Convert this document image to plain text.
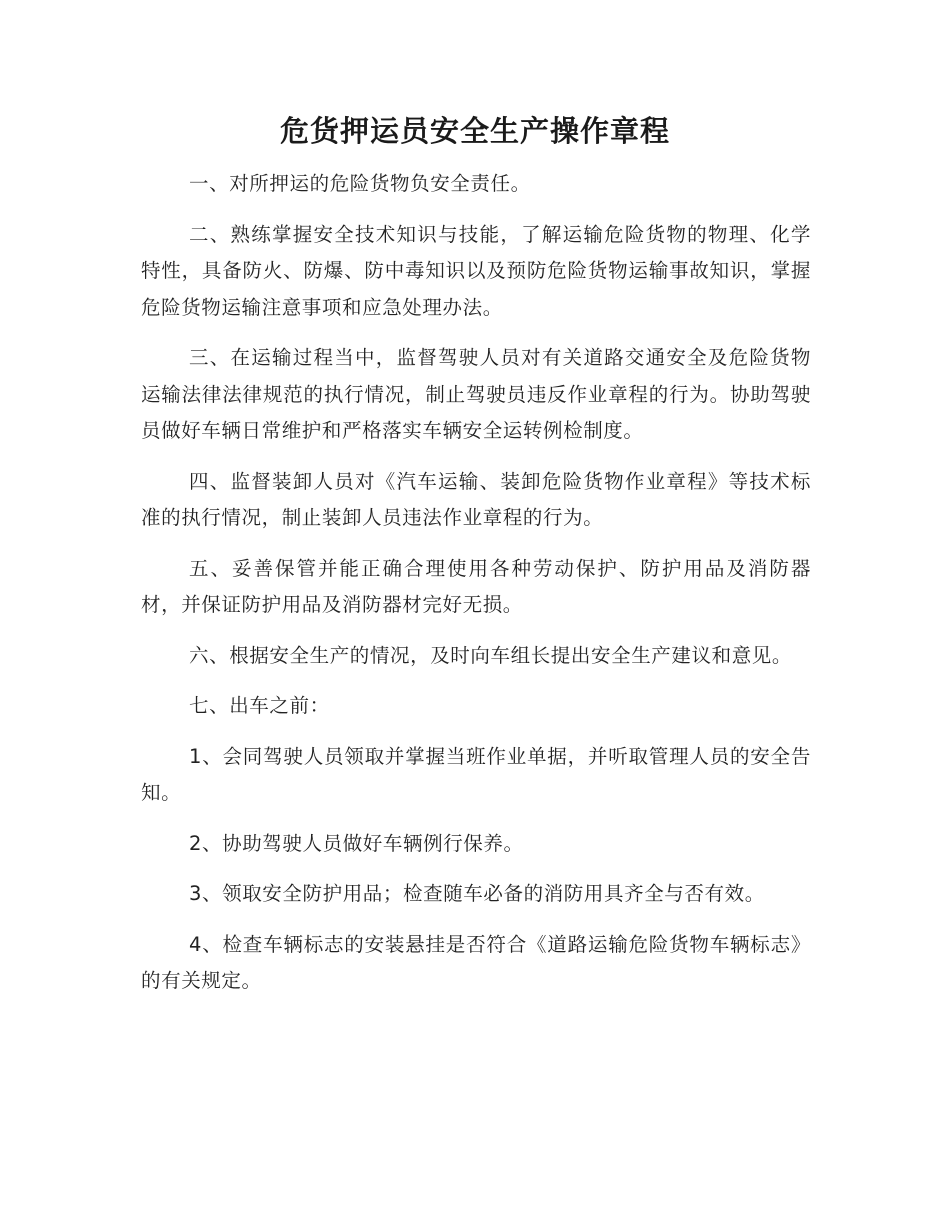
危货押运员安全生产操作章程

一、对所押运的危险货物负安全责任。

二、熟练掌握安全技术知识与技能，了解运输危险货物的物理、化学特性，具备防火、防爆、防中毒知识以及预防危险货物运输事故知识，掌握危险货物运输注意事项和应急处理办法。

三、在运输过程当中，监督驾驶人员对有关道路交通安全及危险货物运输法律法律规范的执行情况，制止驾驶员违反作业章程的行为。协助驾驶员做好车辆日常维护和严格落实车辆安全运转例检制度。

四、监督装卸人员对《汽车运输、装卸危险货物作业章程》等技术标准的执行情况，制止装卸人员违法作业章程的行为。

五、妥善保管并能正确合理使用各种劳动保护、防护用品及消防器材，并保证防护用品及消防器材完好无损。

六、根据安全生产的情况，及时向车组长提出安全生产建议和意见。

七、出车之前：

1、会同驾驶人员领取并掌握当班作业单据，并听取管理人员的安全告知。

2、协助驾驶人员做好车辆例行保养。

3、领取安全防护用品；检查随车必备的消防用具齐全与否有效。

4、检查车辆标志的安装悬挂是否符合《道路运输危险货物车辆标志》的有关规定。
